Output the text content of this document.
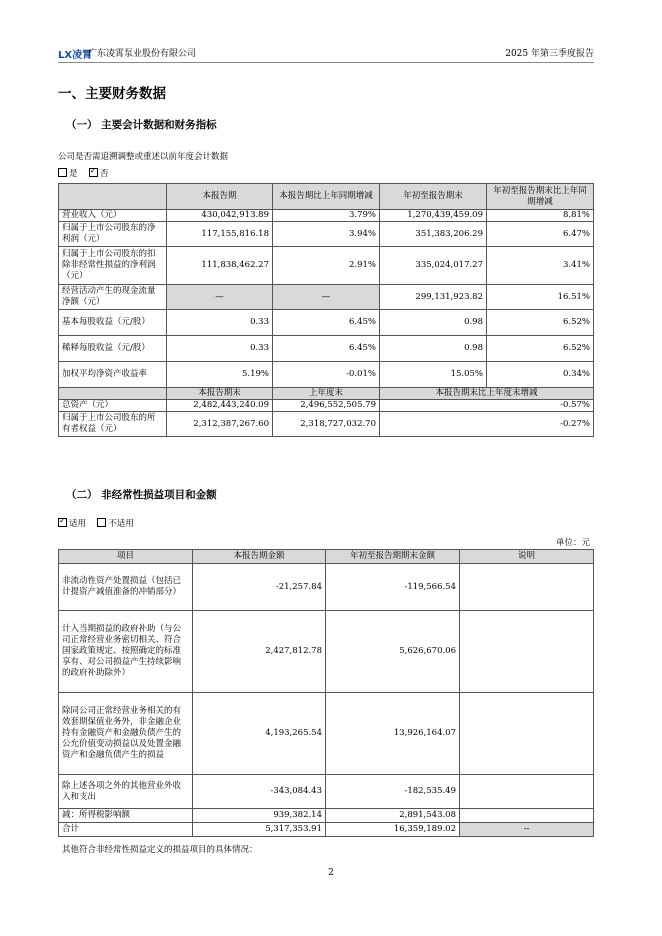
LX凌霄
广东凌霄泵业股份有限公司	2025 年第三季度报告
一、主要财务数据
（一） 主要会计数据和财务指标
公司是否需追溯调整或重述以前年度会计数据
是 ✓	否
	本报告期	本报告期比上年同期增减	年初至报告期末	年初至报告期末比上年同期增减
营业收入（元）	430,042,913.89	3.79%	1,270,439,459.09	8.81%
归属于上市公司股东的净利润（元）	117,155,816.18	3.94%	351,383,206.29	6.47%
归属于上市公司股东的扣除非经常性损益的净利润（元）	111,838,462.27	2.91%	335,024,017.27	3.41%
经营活动产生的现金流量净额（元）	—	—	299,131,923.82	16.51%
基本每股收益（元/股）	0.33	6.45%	0.98	6.52%
稀释每股收益（元/股）	0.33	6.45%	0.98	6.52%
加权平均净资产收益率	5.19%	-0.01%	15.05%	0.34%
	本报告期末	上年度末	本报告期末比上年度末增减	
总资产（元）	2,482,443,240.09	2,496,552,505.79	-0.57%	
归属于上市公司股东的所有者权益（元）	2,312,387,267.60	2,318,727,032.70	-0.27%	
（二） 非经常性损益项目和金额
✓适用	不适用
单位：元
项目	本报告期金额	年初至报告期期末金额	说明
非流动性资产处置损益（包括已计提资产减值准备的冲销部分）	-21,257.84	-119,566.54	
计入当期损益的政府补助（与公司正常经营业务密切相关、符合国家政策规定、按照确定的标准享有、对公司损益产生持续影响的政府补助除外）	2,427,812.78	5,626,670.06	
除同公司正常经营业务相关的有效套期保值业务外，非金融企业持有金融资产和金融负债产生的公允价值变动损益以及处置金融资产和金融负债产生的损益	4,193,265.54	13,926,164.07	
除上述各项之外的其他营业外收入和支出	-343,084.43	-182,535.49	
减：所得税影响额	939,382.14	2,891,543.08	
合计	5,317,353.91	16,359,189.02	--
其他符合非经常性损益定义的损益项目的具体情况：
2
